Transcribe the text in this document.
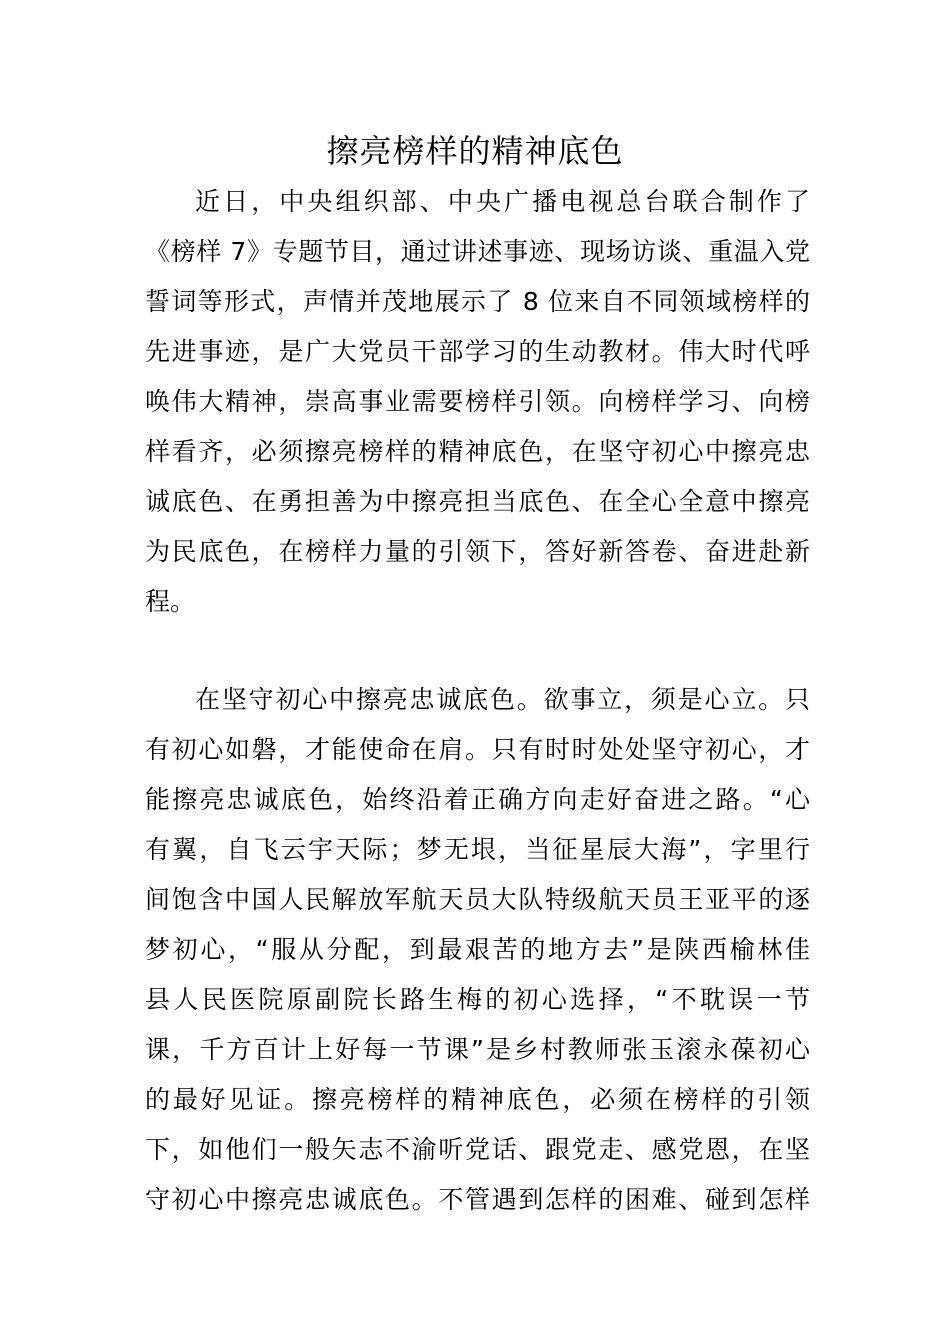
擦亮榜样的精神底色
近日，中央组织部、中央广播电视总台联合制作了
《榜样 7》专题节目，通过讲述事迹、现场访谈、重温入党
誓词等形式，声情并茂地展示了 8 位来自不同领域榜样的
先进事迹，是广大党员干部学习的生动教材。伟大时代呼
唤伟大精神，崇高事业需要榜样引领。向榜样学习、向榜
样看齐，必须擦亮榜样的精神底色，在坚守初心中擦亮忠
诚底色、在勇担善为中擦亮担当底色、在全心全意中擦亮
为民底色，在榜样力量的引领下，答好新答卷、奋进赴新
程。
在坚守初心中擦亮忠诚底色。欲事立，须是心立。只
有初心如磐，才能使命在肩。只有时时处处坚守初心，才
能擦亮忠诚底色，始终沿着正确方向走好奋进之路。“心
有翼，自飞云宇天际；梦无垠，当征星辰大海”，字里行
间饱含中国人民解放军航天员大队特级航天员王亚平的逐
梦初心，“服从分配，到最艰苦的地方去”是陕西榆林佳
县人民医院原副院长路生梅的初心选择，“不耽误一节
课，千方百计上好每一节课”是乡村教师张玉滚永葆初心
的最好见证。擦亮榜样的精神底色，必须在榜样的引领
下，如他们一般矢志不渝听党话、跟党走、感党恩，在坚
守初心中擦亮忠诚底色。不管遇到怎样的困难、碰到怎样
